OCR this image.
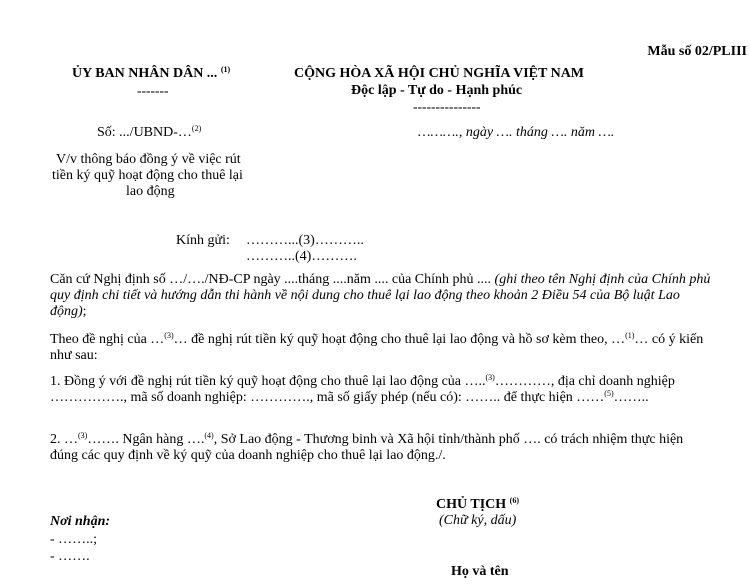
Mẫu số 02/PLIII
ỦY BAN NHÂN DÂN ... $^{(1)}$
-------
CỘNG HÒA XÃ HỘI CHỦ NGHĨA VIỆT NAM
Độc lập - Tự do - Hạnh phúc
---------------
Số: .../UBND-…$^{(2)}$	………., ngày …. tháng …. năm ….
V/v thông báo đồng ý về việc rút
tiền ký quỹ hoạt động cho thuê lại
lao động
Kính gửi: ………...(3)………..
………..(4)……….
Căn cứ Nghị định số …/…./NĐ-CP ngày ....tháng ....năm .... của Chính phủ .... (ghi theo tên Nghị định của Chính phủ quy định chi tiết và hướng dẫn thi hành về nội dung cho thuê lại lao động theo khoản 2 Điều 54 của Bộ luật Lao động);
Theo đề nghị của …$^{(3)}$… đề nghị rút tiền ký quỹ hoạt động cho thuê lại lao động và hồ sơ kèm theo, …$^{(1)}$… có ý kiến như sau:
1. Đồng ý với đề nghị rút tiền ký quỹ hoạt động cho thuê lại lao động của …..$^{(3)}$…………, địa chỉ doanh nghiệp ……………., mã số doanh nghiệp: …………., mã số giấy phép (nếu có): …….. để thực hiện ……$^{(5)}$……..
2. …$^{(3)}$……. Ngân hàng ….$^{(4)}$, Sở Lao động - Thương binh và Xã hội tỉnh/thành phố …. có trách nhiệm thực hiện đúng các quy định về ký quỹ của doanh nghiệp cho thuê lại lao động./.
CHỦ TỊCH $^{(6)}$
(Chữ ký, dấu)
Họ và tên
Nơi nhận:
- ……..;
- …….
